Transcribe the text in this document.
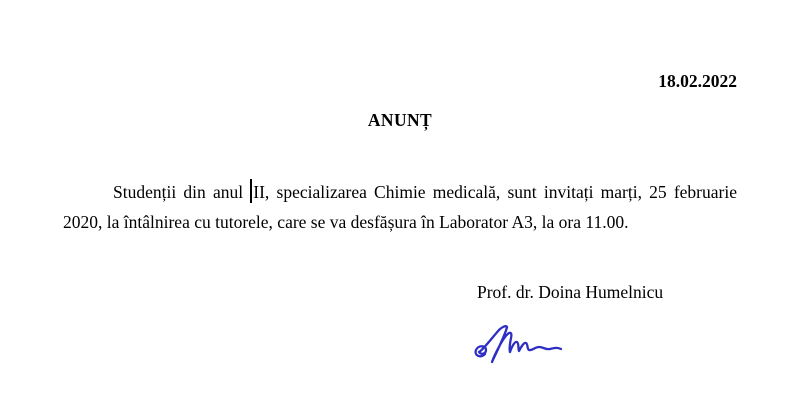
18.02.2022
ANUNȚ

Studenții din anul II, specializarea Chimie medicală, sunt invitați marți, 25 februarie 2020, la întâlnirea cu tutorele, care se va desfășura în Laborator A3, la ora 11.00.

Prof. dr. Doina Humelnicu
